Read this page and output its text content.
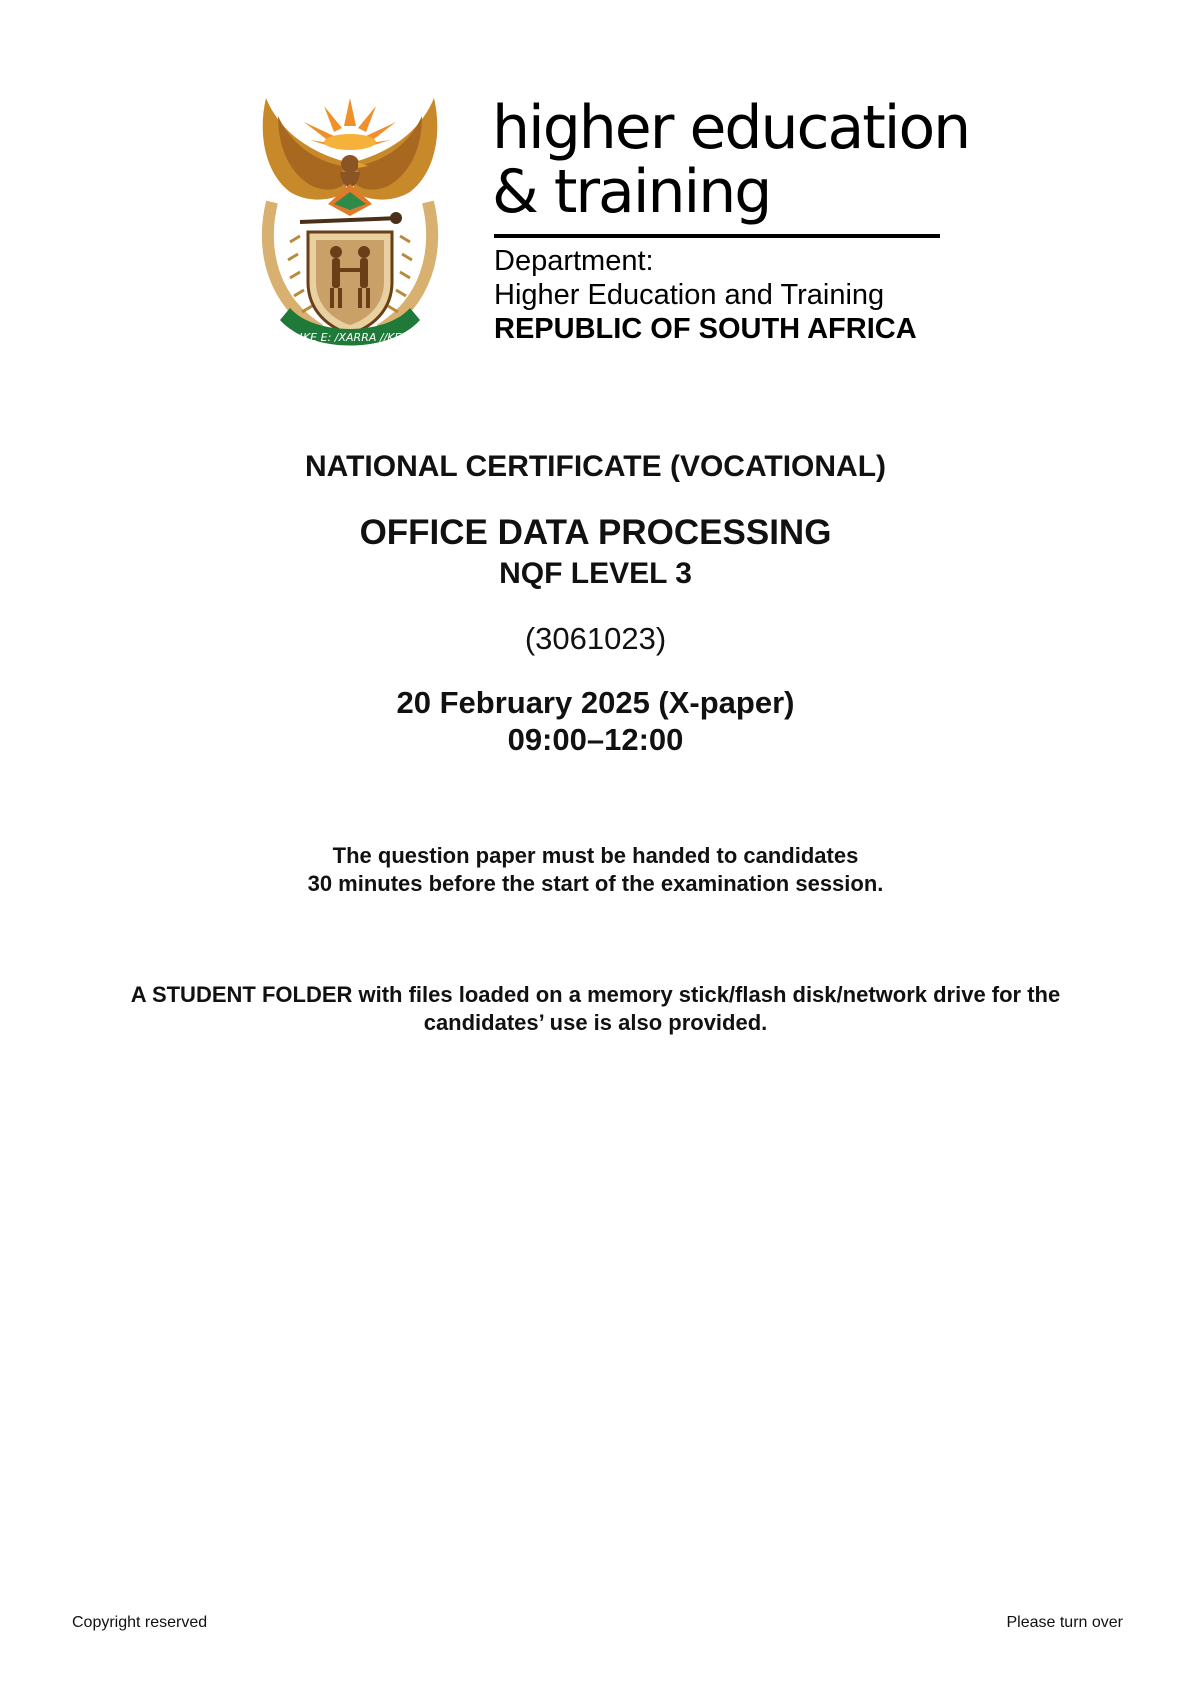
!KE E: /XARRA //KE
higher education
& training
Department:
Higher Education and Training
REPUBLIC OF SOUTH AFRICA
NATIONAL CERTIFICATE (VOCATIONAL)
OFFICE DATA PROCESSING
NQF LEVEL 3
(3061023)
20 February 2025 (X-paper)
09:00–12:00
The question paper must be handed to candidates
30 minutes before the start of the examination session.
A STUDENT FOLDER with files loaded on a memory stick/flash disk/network drive for the
candidates’ use is also provided.
Copyright reserved	Please turn over
